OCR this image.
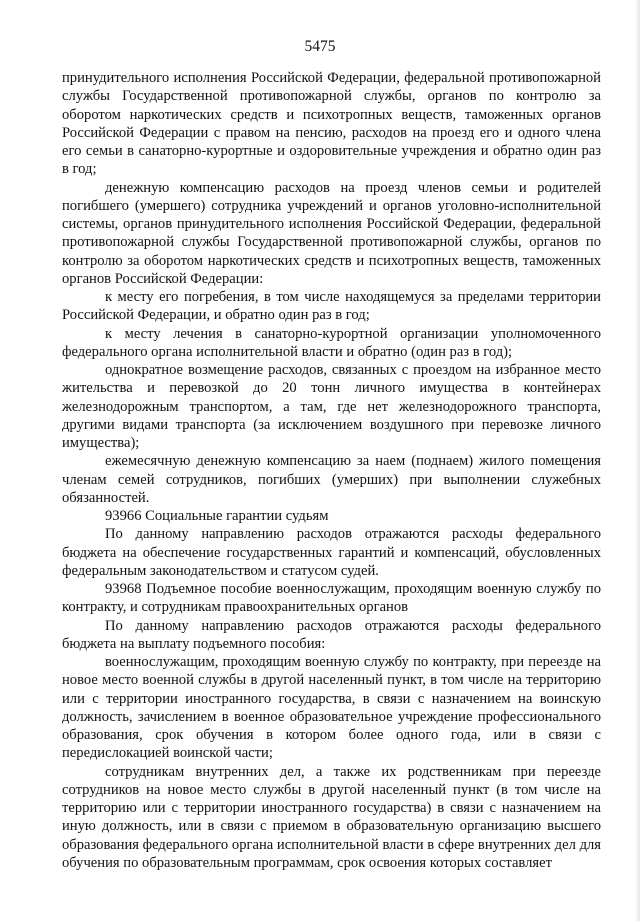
5475

принудительного исполнения Российской Федерации, федеральной противопожарной службы Государственной противопожарной службы, органов по контролю за оборотом наркотических средств и психотропных веществ, таможенных органов Российской Федерации с правом на пенсию, расходов на проезд его и одного члена его семьи в санаторно-курортные и оздоровительные учреждения и обратно один раз в год;

денежную компенсацию расходов на проезд членов семьи и родителей погибшего (умершего) сотрудника учреждений и органов уголовно-исполнительной системы, органов принудительного исполнения Российской Федерации, федеральной противопожарной службы Государственной противопожарной службы, органов по контролю за оборотом наркотических средств и психотропных веществ, таможенных органов Российской Федерации:

к месту его погребения, в том числе находящемуся за пределами территории Российской Федерации, и обратно один раз в год;

к месту лечения в санаторно-курортной организации уполномоченного федерального органа исполнительной власти и обратно (один раз в год);

однократное возмещение расходов, связанных с проездом на избранное место жительства и перевозкой до 20 тонн личного имущества в контейнерах железнодорожным транспортом, а там, где нет железнодорожного транспорта, другими видами транспорта (за исключением воздушного при перевозке личного имущества);

ежемесячную денежную компенсацию за наем (поднаем) жилого помещения членам семей сотрудников, погибших (умерших) при выполнении служебных обязанностей.

93966 Социальные гарантии судьям

По данному направлению расходов отражаются расходы федерального бюджета на обеспечение государственных гарантий и компенсаций, обусловленных федеральным законодательством и статусом судей.

93968 Подъемное пособие военнослужащим, проходящим военную службу по контракту, и сотрудникам правоохранительных органов

По данному направлению расходов отражаются расходы федерального бюджета на выплату подъемного пособия:

военнослужащим, проходящим военную службу по контракту, при переезде на новое место военной службы в другой населенный пункт, в том числе на территорию или с территории иностранного государства, в связи с назначением на воинскую должность, зачислением в военное образовательное учреждение профессионального образования, срок обучения в котором более одного года, или в связи с передислокацией воинской части;

сотрудникам внутренних дел, а также их родственникам при переезде сотрудников на новое место службы в другой населенный пункт (в том числе на территорию или с территории иностранного государства) в связи с назначением на иную должность, или в связи с приемом в образовательную организацию высшего образования федерального органа исполнительной власти в сфере внутренних дел для обучения по образовательным программам, срок освоения которых составляет
